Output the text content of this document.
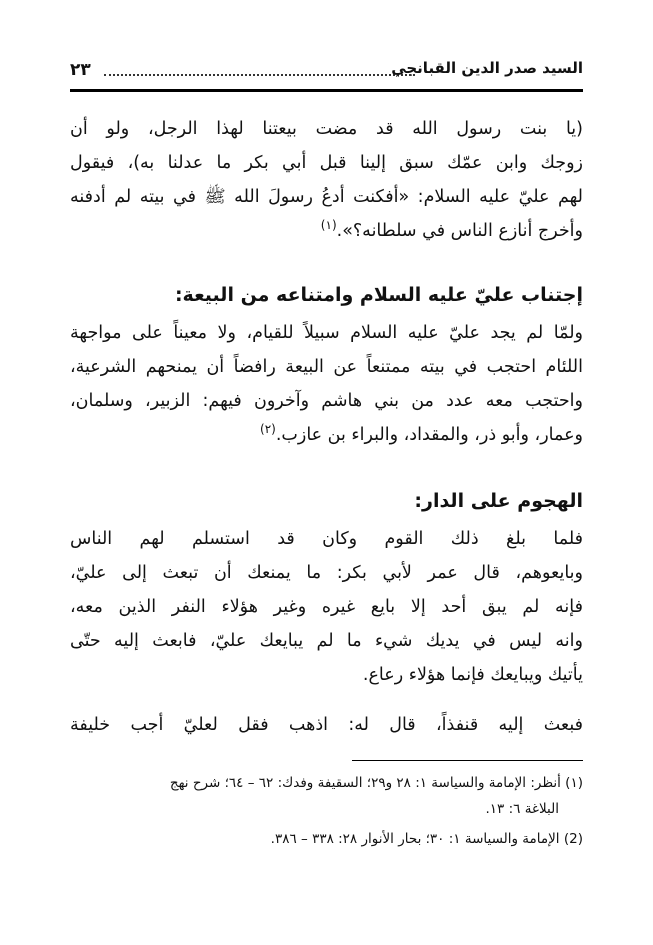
٢٣	السيد صدر الدين القبانجي
(يا بنت رسول الله قد مضت بيعتنا لهذا الرجل، ولو أن
زوجك وابن عمّك سبق إلينا قبل أبي بكر ما عدلنا به)، فيقول
لهم عليّ عليه السلام: «أفكنت أدعُ رسولَ الله ﷺ في بيته لم أدفنه
وأخرج أنازع الناس في سلطانه؟».$^{(١)}$
إجتناب عليّ عليه السلام وامتناعه من البيعة:
ولمّا لم يجد عليّ عليه السلام سبيلاً للقيام، ولا معيناً على مواجهة
اللئام احتجب في بيته ممتنعاً عن البيعة رافضاً أن يمنحهم الشرعية،
واحتجب معه عدد من بني هاشم وآخرون فيهم: الزبير، وسلمان،
وعمار، وأبو ذر، والمقداد، والبراء بن عازب.$^{(٢)}$
الهجوم على الدار:
فلما بلغ ذلك القوم وكان قد استسلم لهم الناس
وبايعوهم، قال عمر لأبي بكر: ما يمنعك أن تبعث إلى عليّ،
فإنه لم يبق أحد إلا بايع غيره وغير هؤلاء النفر الذين معه،
وانه ليس في يديك شيء ما لم يبايعك عليّ، فابعث إليه حتّى
يأتيك ويبايعك فإنما هؤلاء رعاع.
فبعث إليه قنفذاً، قال له: اذهب فقل لعليّ أجب خليفة
(١) أنظر: الإمامة والسياسة ١: ٢٨ و٢٩؛ السقيفة وفدك: ٦٢ – ٦٤؛ شرح نهج
البلاغة ٦: ١٣.
(2) الإمامة والسياسة ١: ٣٠؛ بحار الأنوار ٢٨: ٣٣٨ – ٣٨٦.
